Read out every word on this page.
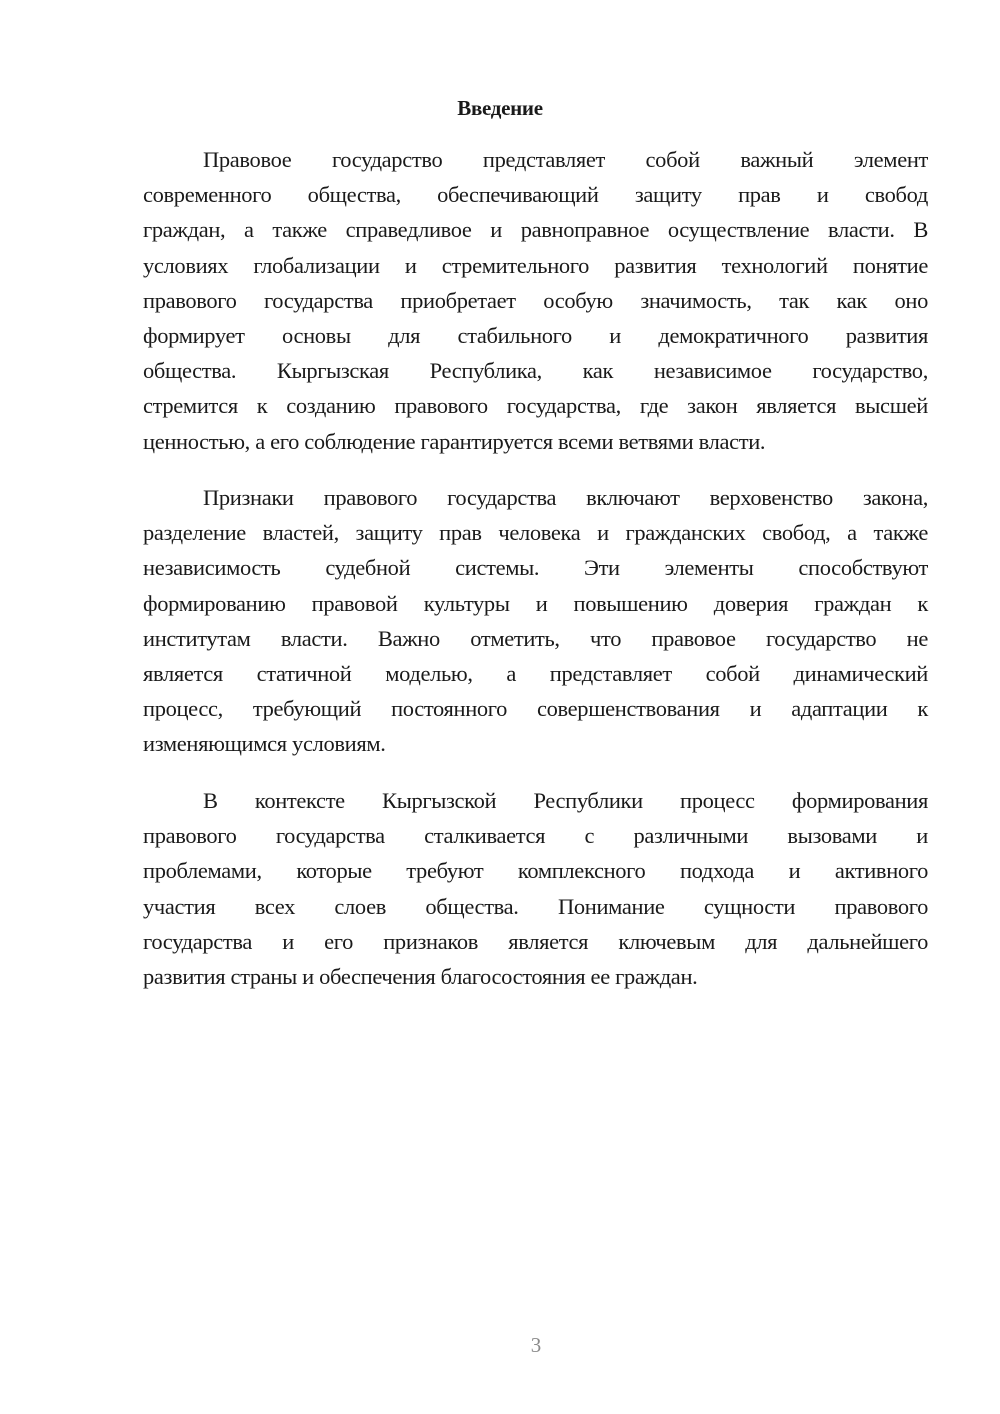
Введение
Правовое государство представляет собой важный элемент
современного общества, обеспечивающий защиту прав и свобод
граждан, а также справедливое и равноправное осуществление власти. В
условиях глобализации и стремительного развития технологий понятие
правового государства приобретает особую значимость, так как оно
формирует основы для стабильного и демократичного развития
общества. Кыргызская Республика, как независимое государство,
стремится к созданию правового государства, где закон является высшей
ценностью, а его соблюдение гарантируется всеми ветвями власти.
Признаки правового государства включают верховенство закона,
разделение властей, защиту прав человека и гражданских свобод, а также
независимость судебной системы. Эти элементы способствуют
формированию правовой культуры и повышению доверия граждан к
институтам власти. Важно отметить, что правовое государство не
является статичной моделью, а представляет собой динамический
процесс, требующий постоянного совершенствования и адаптации к
изменяющимся условиям.
В контексте Кыргызской Республики процесс формирования
правового государства сталкивается с различными вызовами и
проблемами, которые требуют комплексного подхода и активного
участия всех слоев общества. Понимание сущности правового
государства и его признаков является ключевым для дальнейшего
развития страны и обеспечения благосостояния ее граждан.
3
